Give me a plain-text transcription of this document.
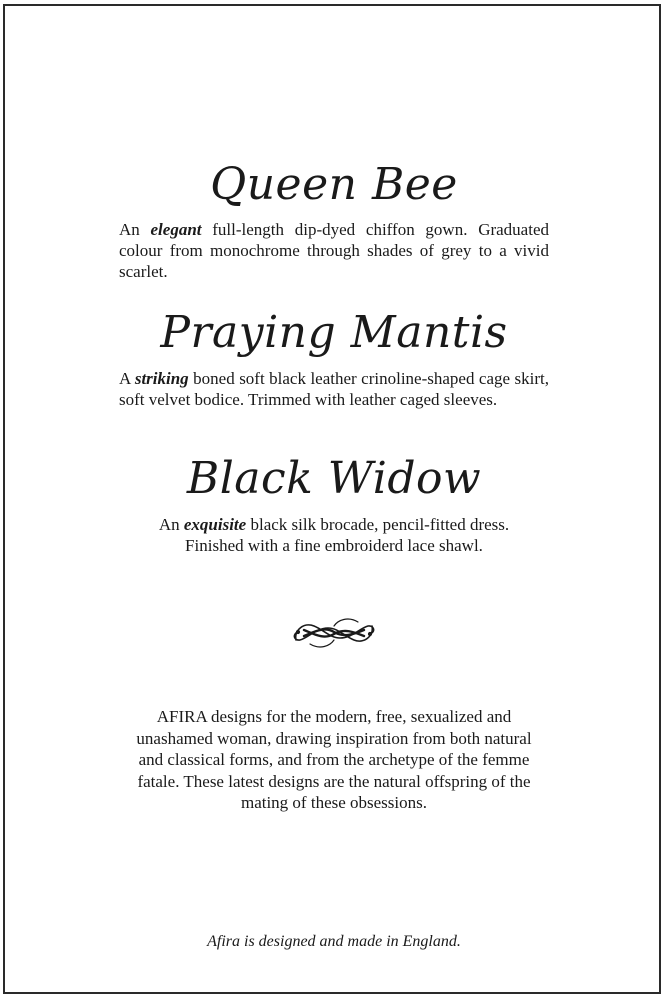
Queen Bee

An elegant full-length dip-dyed chiffon gown. Graduated colour from monochrome through shades of grey to a vivid scarlet.

Praying Mantis

A striking boned soft black leather crinoline-shaped cage skirt, soft velvet bodice. Trimmed with leather caged sleeves.

Black Widow

An exquisite black silk brocade, pencil-fitted dress.
Finished with a fine embroiderd lace shawl.

AFIRA designs for the modern, free, sexualized and unashamed woman, drawing inspiration from both natural and classical forms, and from the archetype of the femme fatale. These latest designs are the natural offspring of the mating of these obsessions.

Afira is designed and made in England.
